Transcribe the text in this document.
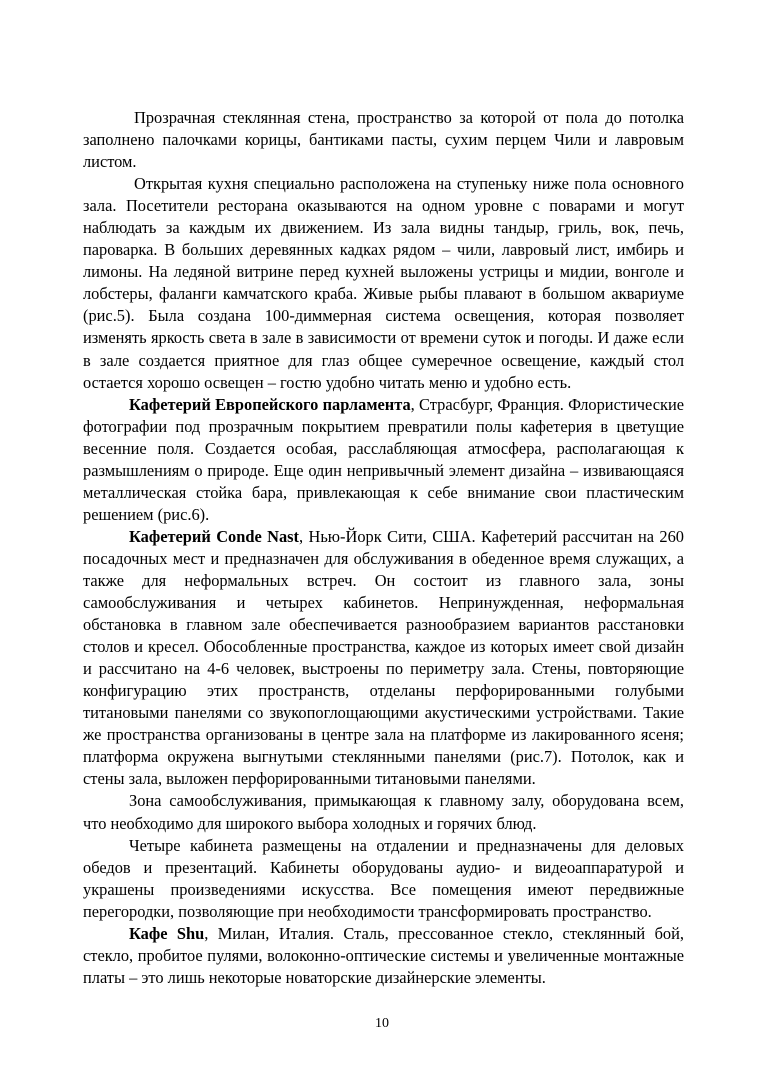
Прозрачная стеклянная стена, пространство за которой от пола до потолка заполнено палочками корицы, бантиками пасты, сухим перцем Чили и лавровым листом.

Открытая кухня специально расположена на ступеньку ниже пола основного зала. Посетители ресторана оказываются на одном уровне с поварами и могут наблюдать за каждым их движением. Из зала видны тандыр, гриль, вок, печь, пароварка. В больших деревянных кадках рядом – чили, лавровый лист, имбирь и лимоны. На ледяной витрине перед кухней выложены устрицы и мидии, вонголе и лобстеры, фаланги камчатского краба. Живые рыбы плавают в большом аквариуме (рис.5). Была создана 100-диммерная система освещения, которая позволяет изменять яркость света в зале в зависимости от времени суток и погоды. И даже если в зале создается приятное для глаз общее сумеречное освещение, каждый стол остается хорошо освещен – гостю удобно читать меню и удобно есть.

Кафетерий Европейского парламента, Страсбург, Франция. Флористические фотографии под прозрачным покрытием превратили полы кафетерия в цветущие весенние поля. Создается особая, расслабляющая атмосфера, располагающая к размышлениям о природе. Еще один непривычный элемент дизайна – извивающаяся металлическая стойка бара, привлекающая к себе внимание свои пластическим решением (рис.6).

Кафетерий Conde Nast, Нью-Йорк Сити, США. Кафетерий рассчитан на 260 посадочных мест и предназначен для обслуживания в обеденное время служащих, а также для неформальных встреч. Он состоит из главного зала, зоны самообслуживания и четырех кабинетов. Непринужденная, неформальная обстановка в главном зале обеспечивается разнообразием вариантов расстановки столов и кресел. Обособленные пространства, каждое из которых имеет свой дизайн и рассчитано на 4-6 человек, выстроены по периметру зала. Стены, повторяющие конфигурацию этих пространств, отделаны перфорированными голубыми титановыми панелями со звукопоглощающими акустическими устройствами. Такие же пространства организованы в центре зала на платформе из лакированного ясеня; платформа окружена выгнутыми стеклянными панелями (рис.7). Потолок, как и стены зала, выложен перфорированными титановыми панелями.

Зона самообслуживания, примыкающая к главному залу, оборудована всем, что необходимо для широкого выбора холодных и горячих блюд.

Четыре кабинета размещены на отдалении и предназначены для деловых обедов и презентаций. Кабинеты оборудованы аудио- и видеоаппаратурой и украшены произведениями искусства. Все помещения имеют передвижные перегородки, позволяющие при необходимости трансформировать пространство.

Кафе Shu, Милан, Италия. Сталь, прессованное стекло, стеклянный бой, стекло, пробитое пулями, волоконно-оптические системы и увеличенные монтажные платы – это лишь некоторые новаторские дизайнерские элементы.

10
